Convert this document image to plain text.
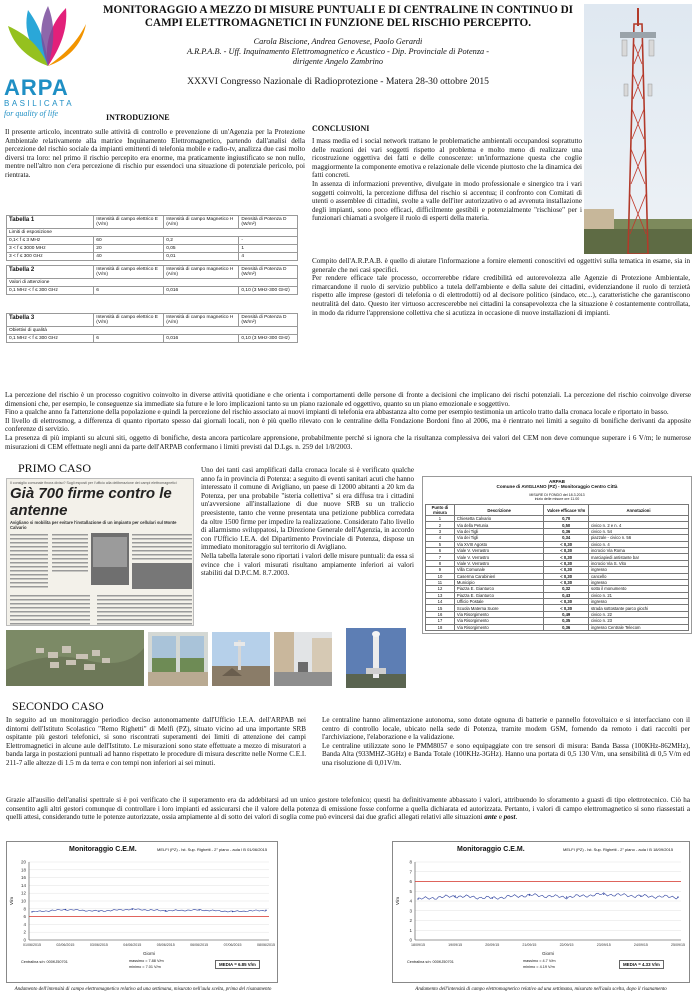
ARPA
BASILICATA
for quality of life
MONITORAGGIO A MEZZO DI MISURE PUNTUALI E DI CENTRALINE IN CONTINUO DI
CAMPI ELETTROMAGNETICI IN FUNZIONE DEL RISCHIO PERCEPITO.
Carola Biscione, Andrea Genovese, Paolo Gerardi
A.R.P.A.B. - Uff. Inquinamento Elettromagnetico e Acustico - Dip. Provinciale di Potenza -
dirigente Angelo Zambrino
XXXVI Congresso Nazionale di Radioprotezione - Matera 28-30 ottobre 2015
INTRODUZIONE

Il presente articolo, incentrato sulle attività di controllo e prevenzione di un'Agenzia per la Protezione Ambientale relativamente alla matrice Inquinamento Elettromagnetico, partendo dall'analisi della percezione del rischio sociale da impianti emittenti di telefonia mobile e radio-tv, analizza due casi molto diversi tra loro: nel primo il rischio percepito era enorme, ma praticamente ingiustificato se non nullo, mentre nell'altro non c'era percezione di rischio pur essendoci una situazione di potenziale pericolo, poi rientrata.

Tabella 1	Intensità di campo elettrico E (V/m)	Intensità di campo Magnetico H (A/m)	Densità di Potenza D (W/m²)
Limiti di esposizione			
0,1< f ≤ 3 MHz	60	0,2	-
3 < f ≤ 3000 MHz	20	0,05	1
3 < f ≤ 300 GHz	40	0,01	4
Tabella 2	Intensità di campo elettrico E (V/m)	Intensità di campo magnetico H (A/m)	Densità di Potenza D (W/m²)
Valori di attenzione			
0,1 MHz < f ≤ 300 GHz	6	0,016	0,10 (3 MHz-300 GHz)
Tabella 3	Intensità di campo elettrico E (V/m)	Intensità di campo magnetico H (A/m)	Densità di Potenza D (W/m²)
Obiettivi di qualità			
0,1 MHz < f ≤ 300 GHz	6	0,016	0,10 (3 MHz-300 GHz)
CONCLUSIONI

I mass media ed i social network trattano le problematiche ambientali occupandosi soprattutto delle reazioni dei vari soggetti rispetto al problema e molto meno di realizzare una ricostruzione oggettiva dei fatti e delle conoscenze: un'informazione questa che coglie maggiormente la componente emotiva e relazionale delle vicende piuttosto che la dinamica dei fatti concreti.

In assenza di informazioni preventive, divulgate in modo professionale e sinergico tra i vari soggetti coinvolti, la percezione diffusa del rischio si accentua; il confronto con Comitati di utenti o assemblee di cittadini, svolte a valle dell'iter autorizzativo o ad avvenuta installazione degli impianti, sono poco efficaci, difficilmente gestibili e potenzialmente "rischiose" per i funzionari chiamati a svolgere il ruolo di esperti della materia.

Compito dell'A.R.P.A.B. è quello di aiutare l'informazione a fornire elementi conoscitivi ed oggettivi sulla tematica in esame, sia in generale che nei casi specifici.

Per rendere efficace tale processo, occorrerebbe ridare credibilità ed autorevolezza alle Agenzie di Protezione Ambientale, rimarcandone il ruolo di servizio pubblico a tutela dell'ambiente e della salute dei cittadini, evidenziandone il ruolo di terzietà rispetto alle imprese (gestori di telefonia o di elettrodotti) od al decisore politico (sindaco, etc...), caratteristiche che garantiscono neutralità del dato. Questo iter virtuoso accrescerebbe nei cittadini la consapevolezza che la situazione è costantemente controllata, in modo da ridurre l'apprensione collettiva che si acutizza in occasione di nuove installazioni di impianti.

La percezione del rischio è un processo cognitivo coinvolto in diverse attività quotidiane e che orienta i comportamenti delle persone di fronte a decisioni che implicano dei rischi potenziali. La percezione del rischio coinvolge diverse dimensioni che, per esempio, le conseguenze sia immediate sia future e le loro implicazioni tanto su un piano razionale ed oggettivo, quanto su un piano emozionale e soggettivo.

Fino a qualche anno fa l'attenzione della popolazione e quindi la percezione del rischio associato ai nuovi impianti di telefonia era abbastanza alto come per esempio testimonia un articolo tratto dalla cronaca locale e riportato in basso.

Il livello di elettrosmog, a differenza di quanto riportato spesso dai giornali locali, non è più quello rilevato con le centraline della Fondazione Bordoni fino al 2006, ma è rientrato nei limiti a seguito di bonifiche derivanti da apposite conferenze di servizio.

La presenza di più impianti su alcuni siti, oggetto di bonifiche, desta ancora particolare apprensione, probabilmente perché si ignora che la risultanza complessiva dei valori del CEM non deve comunque superare i 6 V/m; le numerose misurazioni di CEM effettuate negli anni da parte dell'ARPAB confermano i limiti previsti dal D.Lgs. n. 259 del 1/8/2003.

PRIMO CASO
Il consiglio comunale finora diviso? Sugli esposti per l'ufficio alla deliberazione dei campi elettromagnetici
Già 700 firme contro le antenne
Avigliano si mobilita per evitare l'installazione di un impianto per cellulari sul Monte Calvario

Uno dei tanti casi amplificati dalla cronaca locale si è verificato qualche anno fa in provincia di Potenza: a seguito di eventi sanitari acuti che hanno interessato il comune di Avigliano, un paese di 12000 abitanti a 20 km da Potenza, per una probabile "isteria collettiva" si era diffusa tra i cittadini un'avversione all'installazione di due nuove SRB su un traliccio preesistente, tanto che venne presentata una petizione pubblica corredata da oltre 1500 firme per impedire la realizzazione. Considerato l'alto livello di allarmismo sviluppatosi, la Direzione Generale dell'Agenzia, in accordo con l'Ufficio I.E.A. del Dipartimento Provinciale di Potenza, dispose un immediato monitoraggio sul territorio di Avigliano.

Nella tabella laterale sono riportati i valori delle misure puntuali: da essa si evince che i valori misurati risultano ampiamente inferiori ai valori stabiliti dal D.P.C.M. 8.7.2003.

ARPAB
Comune di AVIGLIANO (PZ) - Monitoraggio Centro Città
MISURE DI FONDO del 18.3.2013
inizio delle misure ore 11.00
Punto di misura	Descrizione	Valore efficace V/m	Annotazioni
1	Chiesetta Calvario	0,70	
2	Via della Petunia	0,50	civico n. 2 e n. 4
3	Via dei Tigli	0,36	civico n. 54
4	Via dei Tigli	0,34	piazzale - civico n. 56
5	Via XVIII Agosto	< 0,30	civico n. 4
6	Viale V. Verrastro	< 0,30	incrocio Via Roma
7	Viale V. Verrastro	< 0,30	marciapiedi antistante bar
8	Viale V. Verrastro	< 0,30	incrocio Via S. Vito
9	Villa Comunale	< 0,30	ingresso
10	Caserma Carabinieri	< 0,30	cancello
11	Municipio	< 0,30	ingresso
12	Piazza E. Gianturco	0,32	sotto il monumento
13	Piazza E. Gianturco	0,43	civico n. 21
14	Ufficio Postale	< 0,30	ingresso
15	Scuola Materna Suore	< 0,30	strada sottostante parco giochi
16	Via Risorgimento	0,49	civico n. 22
17	Via Risorgimento	0,35	civico n. 23
18	Via Risorgimento	0,36	ingresso Centrale Telecom
SECONDO CASO

In seguito ad un monitoraggio periodico deciso autonomamente dall'Ufficio I.E.A. dell'ARPAB nei dintorni dell'Istituto Scolastico "Remo Righetti" di Melfi (PZ), situato vicino ad una importante SRB ospitante più gestori telefonici, si sono riscontrati superamenti dei limiti di attenzione dei campi Elettromagnetici in alcune aule dell'Istituto. Le misurazioni sono state effettuate a mezzo di misuratori a banda larga in postazioni puntuali ad hanno rispettato le procedure di misura descritte nelle Norme C.E.I. 211-7 alle altezze di 1.5 m da terra e con tempi non inferiori ai sei minuti.

Le centraline hanno alimentazione autonoma, sono dotate ognuna di batterie e pannello fotovoltaico e si interfacciano con il centro di controllo locale, ubicato nella sede di Potenza, tramite modem GSM, fornendo da remoto i dati raccolti per l'archiviazione, l'elaborazione e la validazione.

Le centraline utilizzate sono le PMM8057 e sono equipaggiate con tre sensori di misura: Banda Bassa (100KHz-862MHz), Banda Alta (933MHZ-3GHz) e Banda Totale (100KHz-3GHz). Hanno una portata di 0,5 130 V/m, una sensibilità di 0,5 V/m ed una risoluzione di 0,01V/m.

Grazie all'ausilio dell'analisi spettrale si è poi verificato che il superamento era da addebitarsi ad un unico gestore telefonico; questi ha definitivamente abbassato i valori, attribuendo lo sforamento a guasti di tipo elettrotecnico. Ciò ha consentito agli altri gestori comunque di controllare i loro impianti ed assicurarsi che il valore della potenza di emissione fosse conforme a quella dichiarata ed autorizzata. Pertanto, i valori di campo elettromagnetico si sono riassestati a quelli attesi, considerando tutte le potenze autorizzate, ossia ampiamente al di sotto dei valori di soglia come può evincersi dai due grafici allegati relativi alle situazioni ante e post.

Monitoraggio C.E.M.	MELFI (PZ) - Ist. Sup. Righetti - 2° piano - aula I B 01/06/2015
0
2
4
6
8
10
12
14
16
18
20
01/06/2015	02/06/2015	03/06/2015	04/06/2015	05/06/2015	06/06/2015	07/06/2015	08/06/2015
Giorni
V/m
Centralina s/n: 000KJ50701	massimo = 7.88 V/m
minimo = 7.01 V/m	MEDIA = 6.85 V/m
Andamento dell'intensità di campo elettromagnetico relativo ad una settimana, misurato nell'aula scelta, prima del risanamento
Monitoraggio C.E.M.	MELFI (PZ) - Ist. Sup. Righetti - 2° piano - aula I B 18/09/2015
0
1
2
3
4
5
6
7
8
18/09/15	19/09/15	20/09/15	21/09/15	22/09/15	23/09/15	24/09/15	25/09/15
Giorni
V/m
Centralina s/n: 000KJ50701	massimo = 4.7 V/m
minimo = 4.19 V/m	MEDIA = 4.33 V/m
Andamento dell'intensità di campo elettromagnetico relativo ad una settimana, misurato nell'aula scelta, dopo il risanamento
